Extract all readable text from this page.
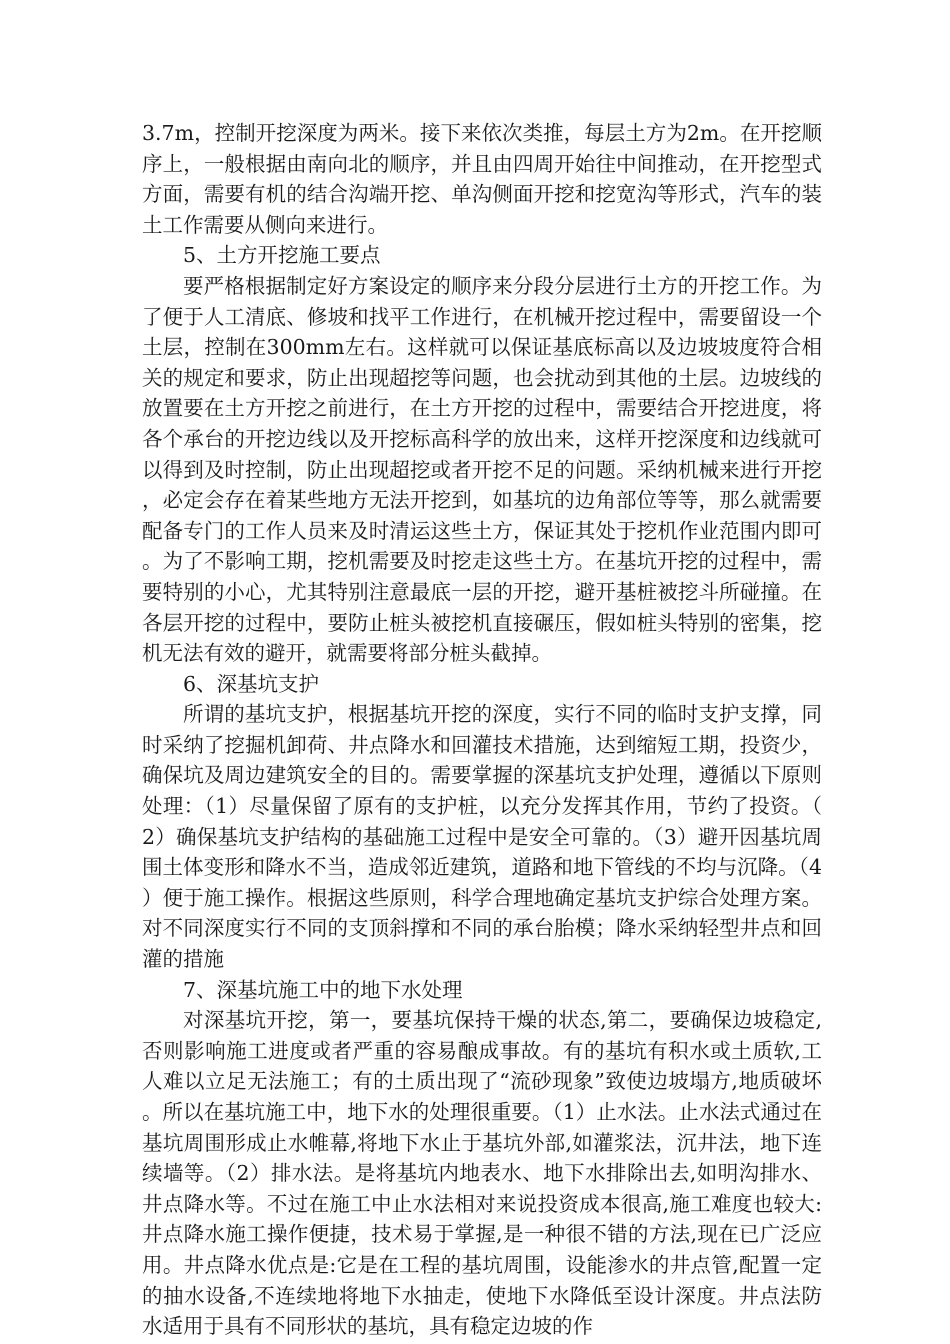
3.7m，控制开挖深度为两米。接下来依次类推，每层土方为2m。在开挖顺序上，一般根据由南向北的顺序，并且由四周开始往中间推动，在开挖型式方面，需要有机的结合沟端开挖、单沟侧面开挖和挖宽沟等形式，汽车的装土工作需要从侧向来进行。

5、土方开挖施工要点

要严格根据制定好方案设定的顺序来分段分层进行土方的开挖工作。为了便于人工清底、修坡和找平工作进行，在机械开挖过程中，需要留设一个土层，控制在300mm左右。这样就可以保证基底标高以及边坡坡度符合相关的规定和要求，防止出现超挖等问题，也会扰动到其他的土层。边坡线的放置要在土方开挖之前进行，在土方开挖的过程中，需要结合开挖进度，将各个承台的开挖边线以及开挖标高科学的放出来，这样开挖深度和边线就可以得到及时控制，防止出现超挖或者开挖不足的问题。采纳机械来进行开挖，必定会存在着某些地方无法开挖到，如基坑的边角部位等等，那么就需要配备专门的工作人员来及时清运这些土方，保证其处于挖机作业范围内即可。为了不影响工期，挖机需要及时挖走这些土方。在基坑开挖的过程中，需要特别的小心，尤其特别注意最底一层的开挖，避开基桩被挖斗所碰撞。在各层开挖的过程中，要防止桩头被挖机直接碾压，假如桩头特别的密集，挖机无法有效的避开，就需要将部分桩头截掉。

6、深基坑支护

所谓的基坑支护，根据基坑开挖的深度，实行不同的临时支护支撑，同时采纳了挖掘机卸荷、井点降水和回灌技术措施，达到缩短工期，投资少，确保坑及周边建筑安全的目的。需要掌握的深基坑支护处理，遵循以下原则处理：（1）尽量保留了原有的支护桩，以充分发挥其作用，节约了投资。（2）确保基坑支护结构的基础施工过程中是安全可靠的。（3）避开因基坑周围土体变形和降水不当，造成邻近建筑，道路和地下管线的不均与沉降。（4）便于施工操作。根据这些原则，科学合理地确定基坑支护综合处理方案。对不同深度实行不同的支顶斜撑和不同的承台胎模；降水采纳轻型井点和回灌的措施

7、深基坑施工中的地下水处理

对深基坑开挖，第一，要基坑保持干燥的状态,第二，要确保边坡稳定,否则影响施工进度或者严重的容易酿成事故。有的基坑有积水或土质软,工人难以立足无法施工；有的土质出现了“流砂现象”致使边坡塌方,地质破坏。所以在基坑施工中，地下水的处理很重要。（1）止水法。止水法式通过在基坑周围形成止水帷幕,将地下水止于基坑外部,如灌浆法，沉井法，地下连续墙等。（2）排水法。是将基坑内地表水、地下水排除出去,如明沟排水、井点降水等。不过在施工中止水法相对来说投资成本很高,施工难度也较大:井点降水施工操作便捷，技术易于掌握,是一种很不错的方法,现在已广泛应用。井点降水优点是:它是在工程的基坑周围，设能渗水的井点管,配置一定的抽水设备,不连续地将地下水抽走，使地下水降低至设计深度。井点法防水适用于具有不同形状的基坑，具有稳定边坡的作
